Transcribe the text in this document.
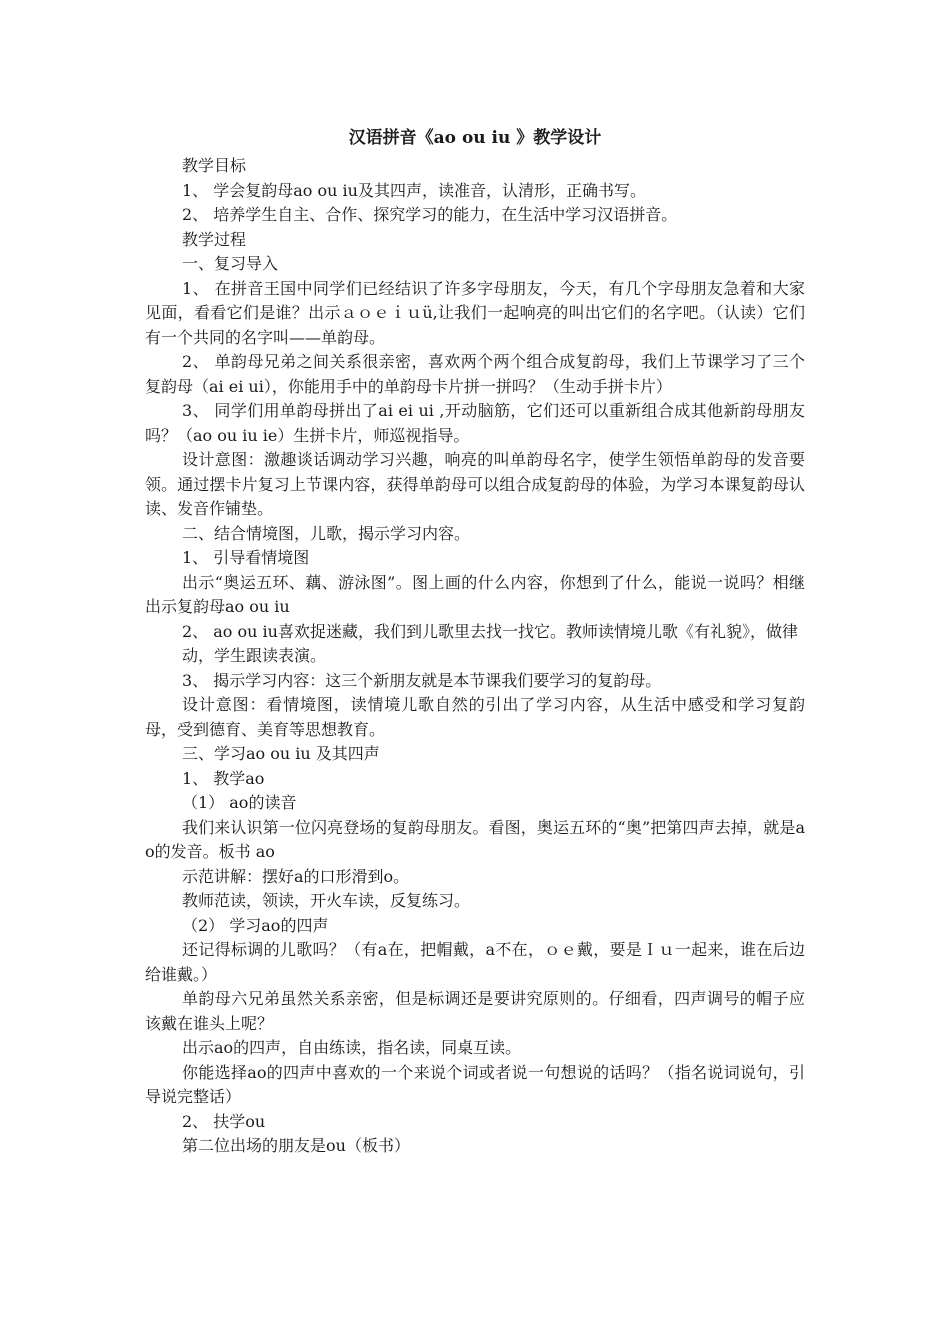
汉语拼音《ao ou iu 》教学设计

教学目标

1、 学会复韵母ao ou iu及其四声，读准音，认清形，正确书写。

2、 培养学生自主、合作、探究学习的能力，在生活中学习汉语拼音。

教学过程

一、复习导入

1、 在拼音王国中同学们已经结识了许多字母朋友，今天，有几个字母朋友急着和大家见面，看看它们是谁？出示ａｏｅｉｕü,让我们一起响亮的叫出它们的名字吧。（认读）它们有一个共同的名字叫——单韵母。

2、 单韵母兄弟之间关系很亲密，喜欢两个两个组合成复韵母，我们上节课学习了三个复韵母（ai ei ui），你能用手中的单韵母卡片拼一拼吗？（生动手拼卡片）

3、 同学们用单韵母拼出了ai ei ui ,开动脑筋，它们还可以重新组合成其他新韵母朋友吗？（ao ou iu ie）生拼卡片，师巡视指导。

设计意图：激趣谈话调动学习兴趣，响亮的叫单韵母名字，使学生领悟单韵母的发音要领。通过摆卡片复习上节课内容，获得单韵母可以组合成复韵母的体验，为学习本课复韵母认读、发音作铺垫。

二、结合情境图，儿歌，揭示学习内容。

1、 引导看情境图

出示“奥运五环、藕、游泳图”。图上画的什么内容，你想到了什么，能说一说吗？相继出示复韵母ao ou iu

2、 ao ou iu喜欢捉迷藏，我们到儿歌里去找一找它。教师读情境儿歌《有礼貌》，做律

动，学生跟读表演。

3、 揭示学习内容：这三个新朋友就是本节课我们要学习的复韵母。

设计意图：看情境图，读情境儿歌自然的引出了学习内容，从生活中感受和学习复韵母，受到德育、美育等思想教育。

三、学习ao ou iu 及其四声

1、 教学ao

（1） ao的读音

我们来认识第一位闪亮登场的复韵母朋友。看图，奥运五环的“奥”把第四声去掉，就是ao的发音。板书 ao

示范讲解：摆好a的口形滑到o。

教师范读，领读，开火车读，反复练习。

（2） 学习ao的四声

还记得标调的儿歌吗？（有a在，把帽戴，a不在，ｏｅ戴，要是Ｉｕ一起来，谁在后边给谁戴。）

单韵母六兄弟虽然关系亲密，但是标调还是要讲究原则的。仔细看，四声调号的帽子应该戴在谁头上呢？

出示ao的四声，自由练读，指名读，同桌互读。

你能选择ao的四声中喜欢的一个来说个词或者说一句想说的话吗？（指名说词说句，引导说完整话）

2、 扶学ou

第二位出场的朋友是ou（板书）
